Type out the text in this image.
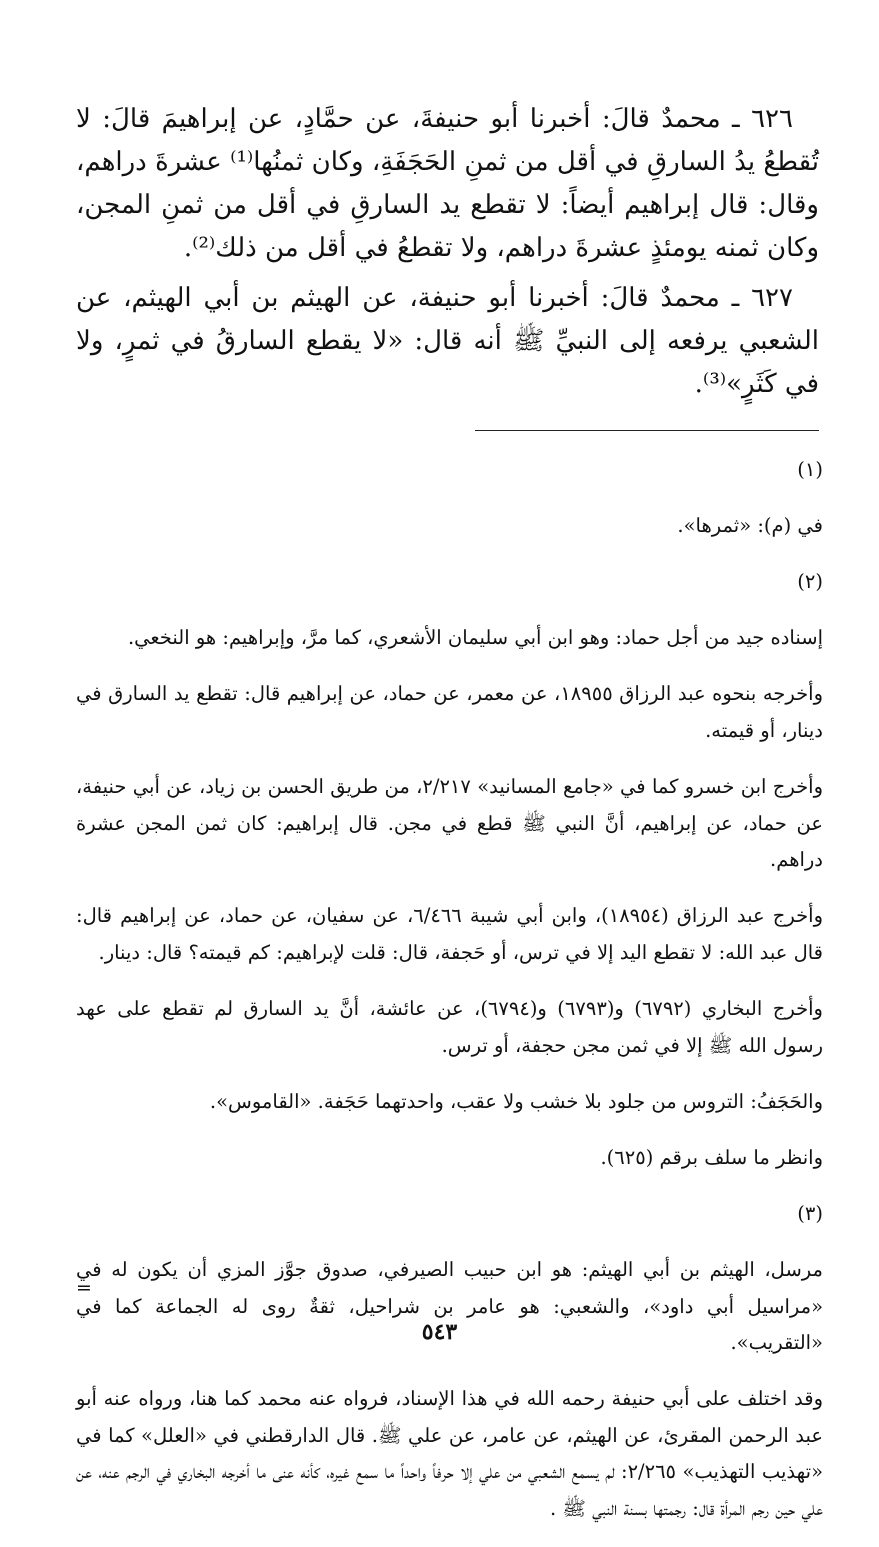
٦٢٦ ـ محمدٌ قالَ: أخبرنا أبو حنيفةَ، عن حمَّادٍ، عن إبراهيمَ قالَ: لا تُقطعُ يدُ السارقِ في أقل من ثمنِ الحَجَفَةِ، وكان ثمنُها⁽¹⁾ عشرةَ دراهم، وقال: قال إبراهيم أيضاً: لا تقطع يد السارقِ في أقل من ثمنِ المجن، وكان ثمنه يومئذٍ عشرةَ دراهم، ولا تقطعُ في أقل من ذلك⁽²⁾.

٦٢٧ ـ محمدٌ قالَ: أخبرنا أبو حنيفة، عن الهيثم بن أبي الهيثم، عن الشعبي يرفعه إلى النبيِّ ﷺ أنه قال: «لا يقطع السارقُ في ثمرٍ، ولا في كَثَرٍ»⁽³⁾.

(١)

في (م): «ثمرها».

(٢)

إسناده جيد من أجل حماد: وهو ابن أبي سليمان الأشعري، كما مرَّ، وإبراهيم: هو النخعي.

وأخرجه بنحوه عبد الرزاق ١٨٩٥٥، عن معمر، عن حماد، عن إبراهيم قال: تقطع يد السارق في دينار، أو قيمته.

وأخرج ابن خسرو كما في «جامع المسانيد» ٢/٢١٧، من طريق الحسن بن زياد، عن أبي حنيفة، عن حماد، عن إبراهيم، أنَّ النبي ﷺ قطع في مجن. قال إبراهيم: كان ثمن المجن عشرة دراهم.

وأخرج عبد الرزاق (١٨٩٥٤)، وابن أبي شيبة ٦/٤٦٦، عن سفيان، عن حماد، عن إبراهيم قال: قال عبد الله: لا تقطع اليد إلا في ترس، أو حَجفة، قال: قلت لإبراهيم: كم قيمته؟ قال: دينار.

وأخرج البخاري (٦٧٩٢) و(٦٧٩٣) و(٦٧٩٤)، عن عائشة، أنَّ يد السارق لم تقطع على عهد رسول الله ﷺ إلا في ثمن مجن حجفة، أو ترس.

والحَجَفُ: التروس من جلود بلا خشب ولا عقب، واحدتهما حَجَفة. «القاموس».

وانظر ما سلف برقم (٦٢٥).

(٣)

مرسل، الهيثم بن أبي الهيثم: هو ابن حبيب الصيرفي، صدوق جوَّز المزي أن يكون له في «مراسيل أبي داود»، والشعبي: هو عامر بن شراحيل، ثقةٌ روى له الجماعة كما في «التقريب».

وقد اختلف على أبي حنيفة رحمه الله في هذا الإسناد، فرواه عنه محمد كما هنا، ورواه عنه أبو عبد الرحمن المقرئ، عن الهيثم، عن عامر، عن علي ﷺ. قال الدارقطني في «العلل» كما في «تهذيب التهذيب» ٢/٢٦٥: لم يسمع الشعبي من علي إلا حرفاً واحداً ما سمع غيره، كأنه عنى ما أخرجه البخاري في الرجم عنه، عن علي حين رجم المرأة قال: رجمتها بسنة النبي ﷺ .

=
٥٤٣
